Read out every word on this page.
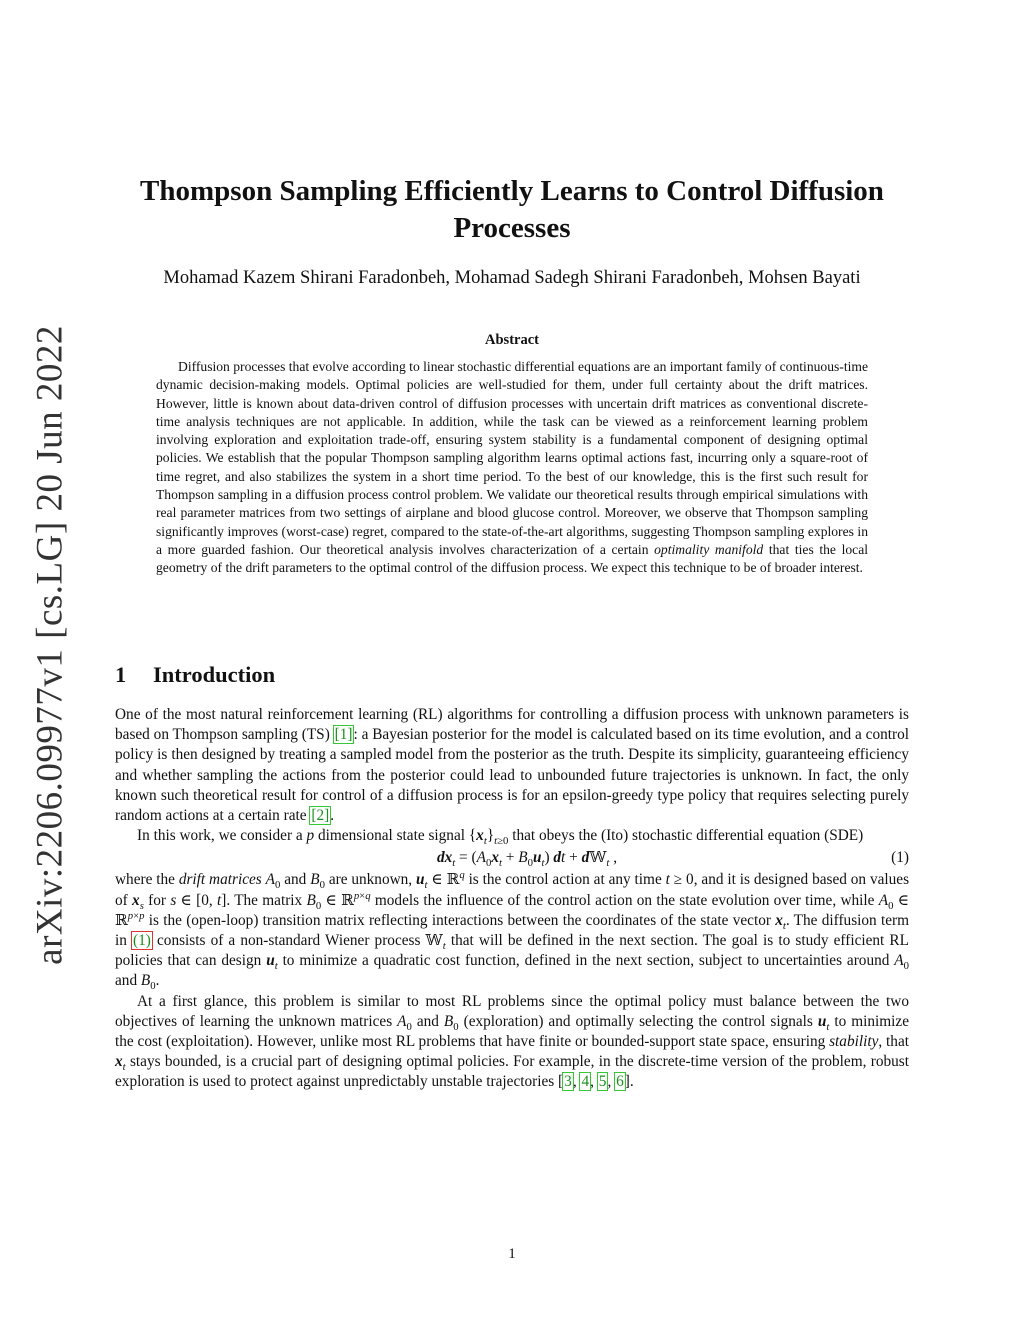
arXiv:2206.09977v1 [cs.LG] 20 Jun 2022
Thompson Sampling Efficiently Learns to Control Diffusion Processes
Mohamad Kazem Shirani Faradonbeh, Mohamad Sadegh Shirani Faradonbeh, Mohsen Bayati
Abstract
Diffusion processes that evolve according to linear stochastic differential equations are an important family of continuous-time dynamic decision-making models. Optimal policies are well-studied for them, under full certainty about the drift matrices. However, little is known about data-driven control of diffusion processes with uncertain drift matrices as conventional discrete-time analysis techniques are not applicable. In addition, while the task can be viewed as a reinforcement learning problem involving exploration and exploitation trade-off, ensuring system stability is a fundamental component of designing optimal policies. We establish that the popular Thompson sampling algorithm learns optimal actions fast, incurring only a square-root of time regret, and also stabilizes the system in a short time period. To the best of our knowledge, this is the first such result for Thompson sampling in a diffusion process control problem. We validate our theoretical results through empirical simulations with real parameter matrices from two settings of airplane and blood glucose control. Moreover, we observe that Thompson sampling significantly improves (worst-case) regret, compared to the state-of-the-art algorithms, suggesting Thompson sampling explores in a more guarded fashion. Our theoretical analysis involves characterization of a certain optimality manifold that ties the local geometry of the drift parameters to the optimal control of the diffusion process. We expect this technique to be of broader interest.
1 Introduction

One of the most natural reinforcement learning (RL) algorithms for controlling a diffusion process with unknown parameters is based on Thompson sampling (TS) [1]: a Bayesian posterior for the model is calculated based on its time evolution, and a control policy is then designed by treating a sampled model from the posterior as the truth. Despite its simplicity, guaranteeing efficiency and whether sampling the actions from the posterior could lead to unbounded future trajectories is unknown. In fact, the only known such theoretical result for control of a diffusion process is for an epsilon-greedy type policy that requires selecting purely random actions at a certain rate [2].

In this work, we consider a p dimensional state signal $\{x_t\}_{t\ge 0}$ that obeys the (Ito) stochastic differential equation (SDE)

$dx_t = (A_0x_t + B_0u_t)$ dt + d𝕎$_t$ ,	(1)

where the drift matrices $A_0$ and $B_0$ are unknown, $u_t$ ∈ ℝ$^q$ is the control action at any time t ≥ 0, and it is designed based on values of $x_s$ for s ∈ [0, t]. The matrix $B_0$ ∈ ℝ$^{p\times q}$ models the influence of the control action on the state evolution over time, while $A_0$ ∈ ℝ$^{p\times p}$ is the (open-loop) transition matrix reflecting interactions between the coordinates of the state vector $x_t$. The diffusion term in (1) consists of a non-standard Wiener process 𝕎$_t$ that will be defined in the next section. The goal is to study efficient RL policies that can design $u_t$ to minimize a quadratic cost function, defined in the next section, subject to uncertainties around $A_0$ and $B_0$.

At a first glance, this problem is similar to most RL problems since the optimal policy must balance between the two objectives of learning the unknown matrices $A_0$ and $B_0$ (exploration) and optimally selecting the control signals $u_t$ to minimize the cost (exploitation). However, unlike most RL problems that have finite or bounded-support state space, ensuring stability, that $x_t$ stays bounded, is a crucial part of designing optimal policies. For example, in the discrete-time version of the problem, robust exploration is used to protect against unpredictably unstable trajectories [3, 4, 5, 6].

1
